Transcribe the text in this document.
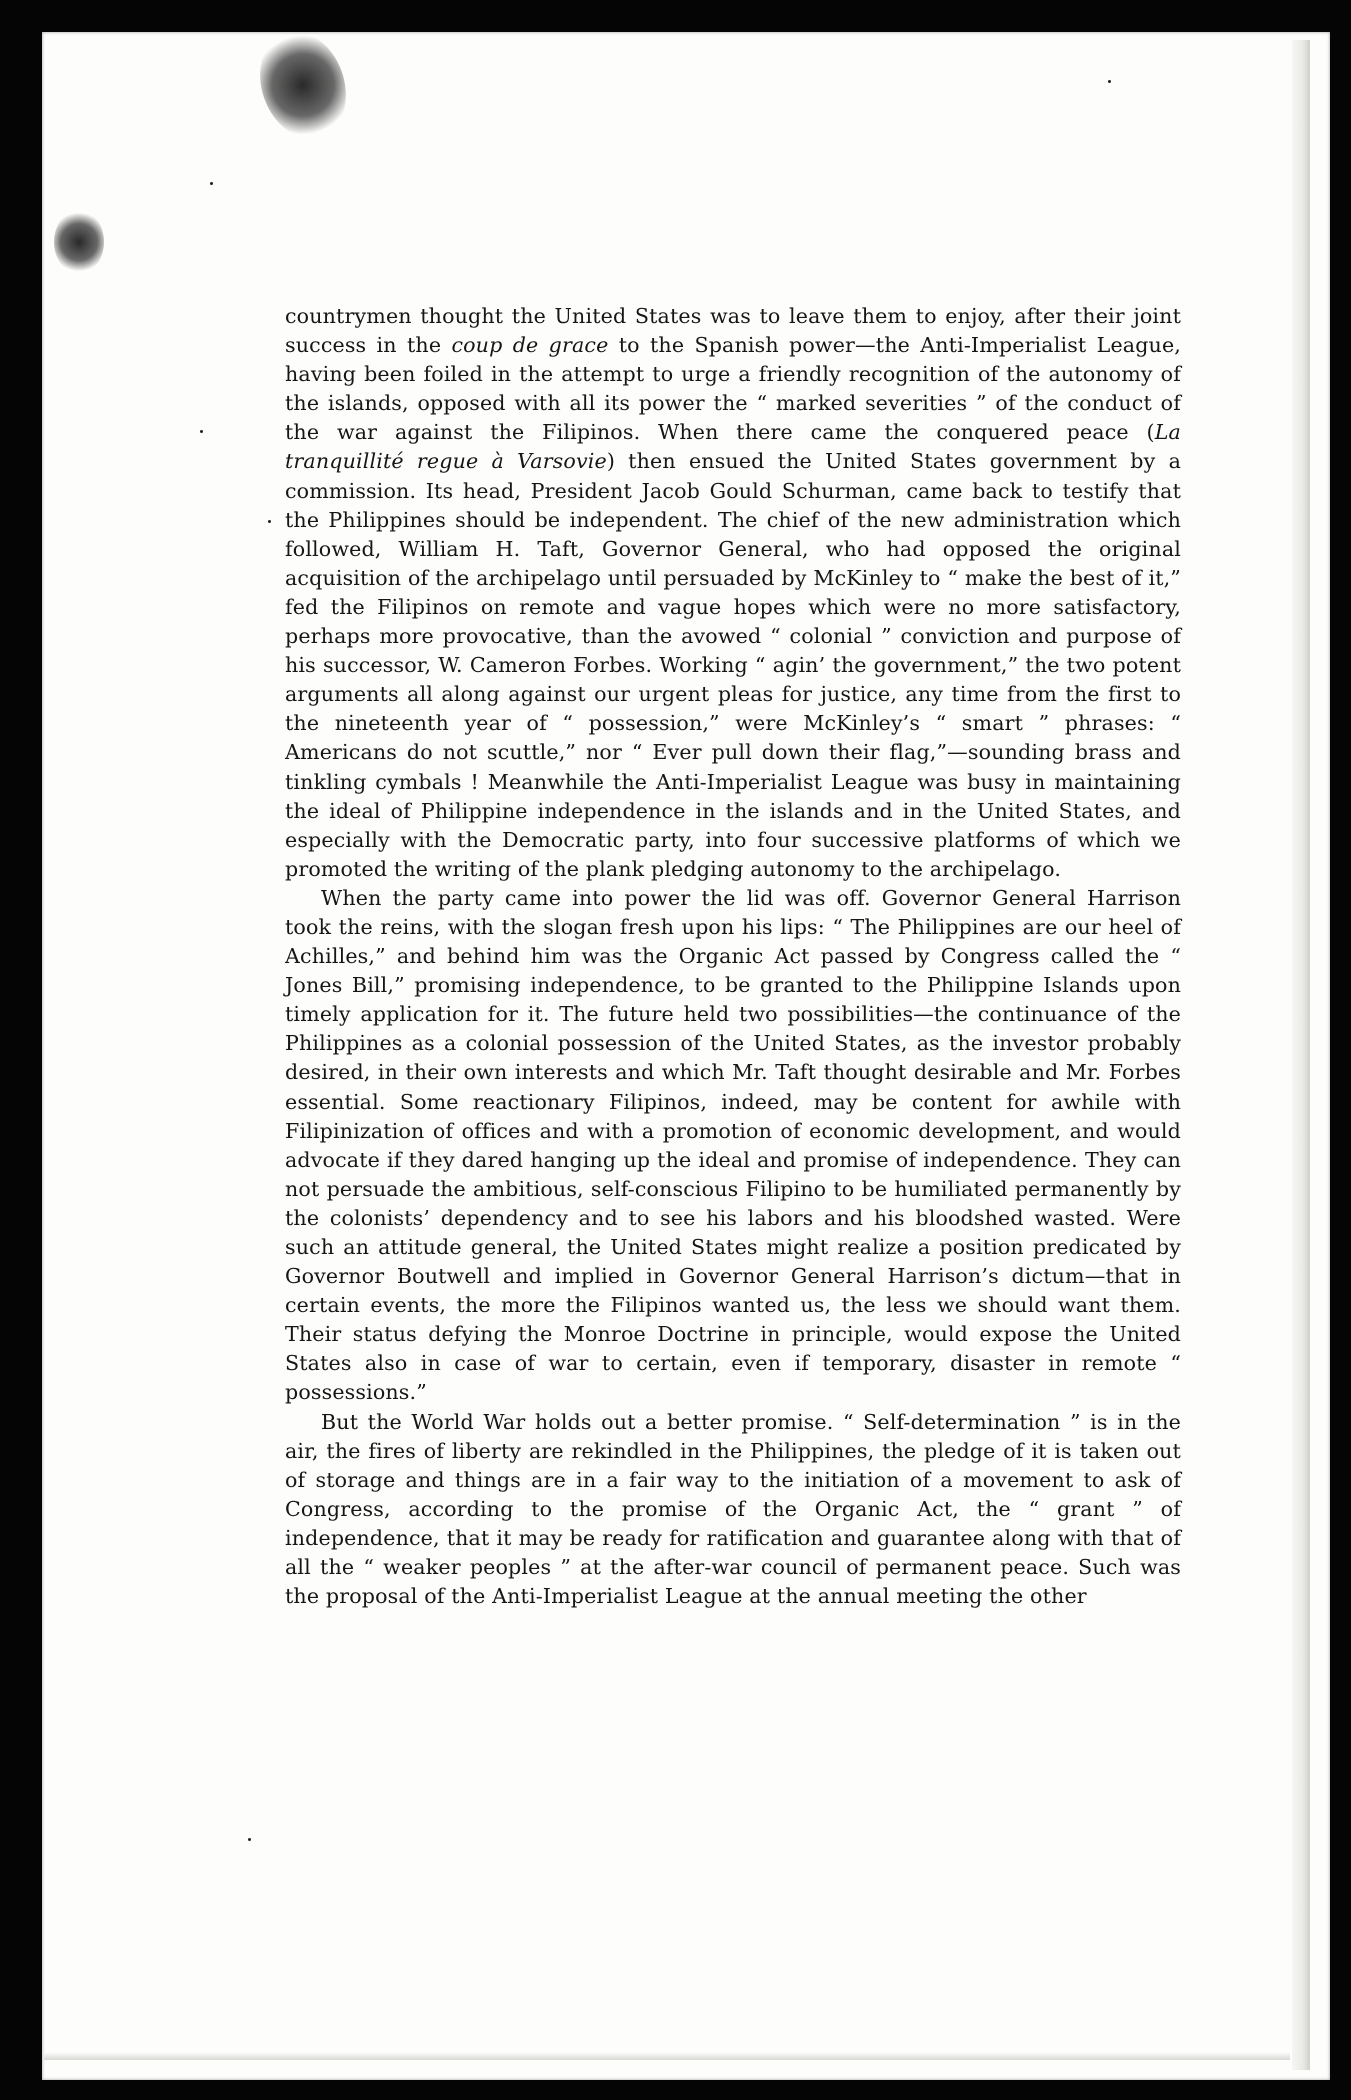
countrymen thought the United States was to leave them to enjoy, after their joint success in the coup de grace to the Spanish power—the Anti-Imperialist League, having been foiled in the attempt to urge a friendly recognition of the autonomy of the islands, opposed with all its power the “ marked severities ” of the conduct of the war against the Filipinos. When there came the conquered peace (La tranquillité regue à Varsovie) then ensued the United States government by a commission. Its head, President Jacob Gould Schurman, came back to testify that the Philippines should be independent. The chief of the new administration which followed, William H. Taft, Governor General, who had opposed the original acquisition of the archipelago until persuaded by McKinley to “ make the best of it,” fed the Filipinos on remote and vague hopes which were no more satisfactory, perhaps more provocative, than the avowed “ colonial ” conviction and purpose of his successor, W. Cameron Forbes. Working “ agin’ the government,” the two potent arguments all along against our urgent pleas for justice, any time from the first to the nineteenth year of “ possession,” were McKinley’s “ smart ” phrases: “ Americans do not scuttle,” nor “ Ever pull down their flag,”—sounding brass and tinkling cymbals ! Meanwhile the Anti-Imperialist League was busy in maintaining the ideal of Philippine independence in the islands and in the United States, and especially with the Democratic party, into four successive platforms of which we promoted the writing of the plank pledging autonomy to the archipelago.

When the party came into power the lid was off. Governor General Harrison took the reins, with the slogan fresh upon his lips: “ The Philippines are our heel of Achilles,” and behind him was the Organic Act passed by Congress called the “ Jones Bill,” promising independence, to be granted to the Philippine Islands upon timely application for it. The future held two possibilities—the continuance of the Philippines as a colonial possession of the United States, as the investor probably desired, in their own interests and which Mr. Taft thought desirable and Mr. Forbes essential. Some reactionary Filipinos, indeed, may be content for awhile with Filipinization of offices and with a promotion of economic development, and would advocate if they dared hanging up the ideal and promise of independence. They can not persuade the ambitious, self-conscious Filipino to be humiliated permanently by the colonists’ dependency and to see his labors and his bloodshed wasted. Were such an attitude general, the United States might realize a position predicated by Governor Boutwell and implied in Governor General Harrison’s dictum—that in certain events, the more the Filipinos wanted us, the less we should want them. Their status defying the Monroe Doctrine in principle, would expose the United States also in case of war to certain, even if temporary, disaster in remote “ possessions.”

But the World War holds out a better promise. “ Self-determination ” is in the air, the fires of liberty are rekindled in the Philippines, the pledge of it is taken out of storage and things are in a fair way to the initiation of a movement to ask of Congress, according to the promise of the Organic Act, the “ grant ” of independence, that it may be ready for ratification and guarantee along with that of all the “ weaker peoples ” at the after-war council of permanent peace. Such was the proposal of the Anti-Imperialist League at the annual meeting the other
